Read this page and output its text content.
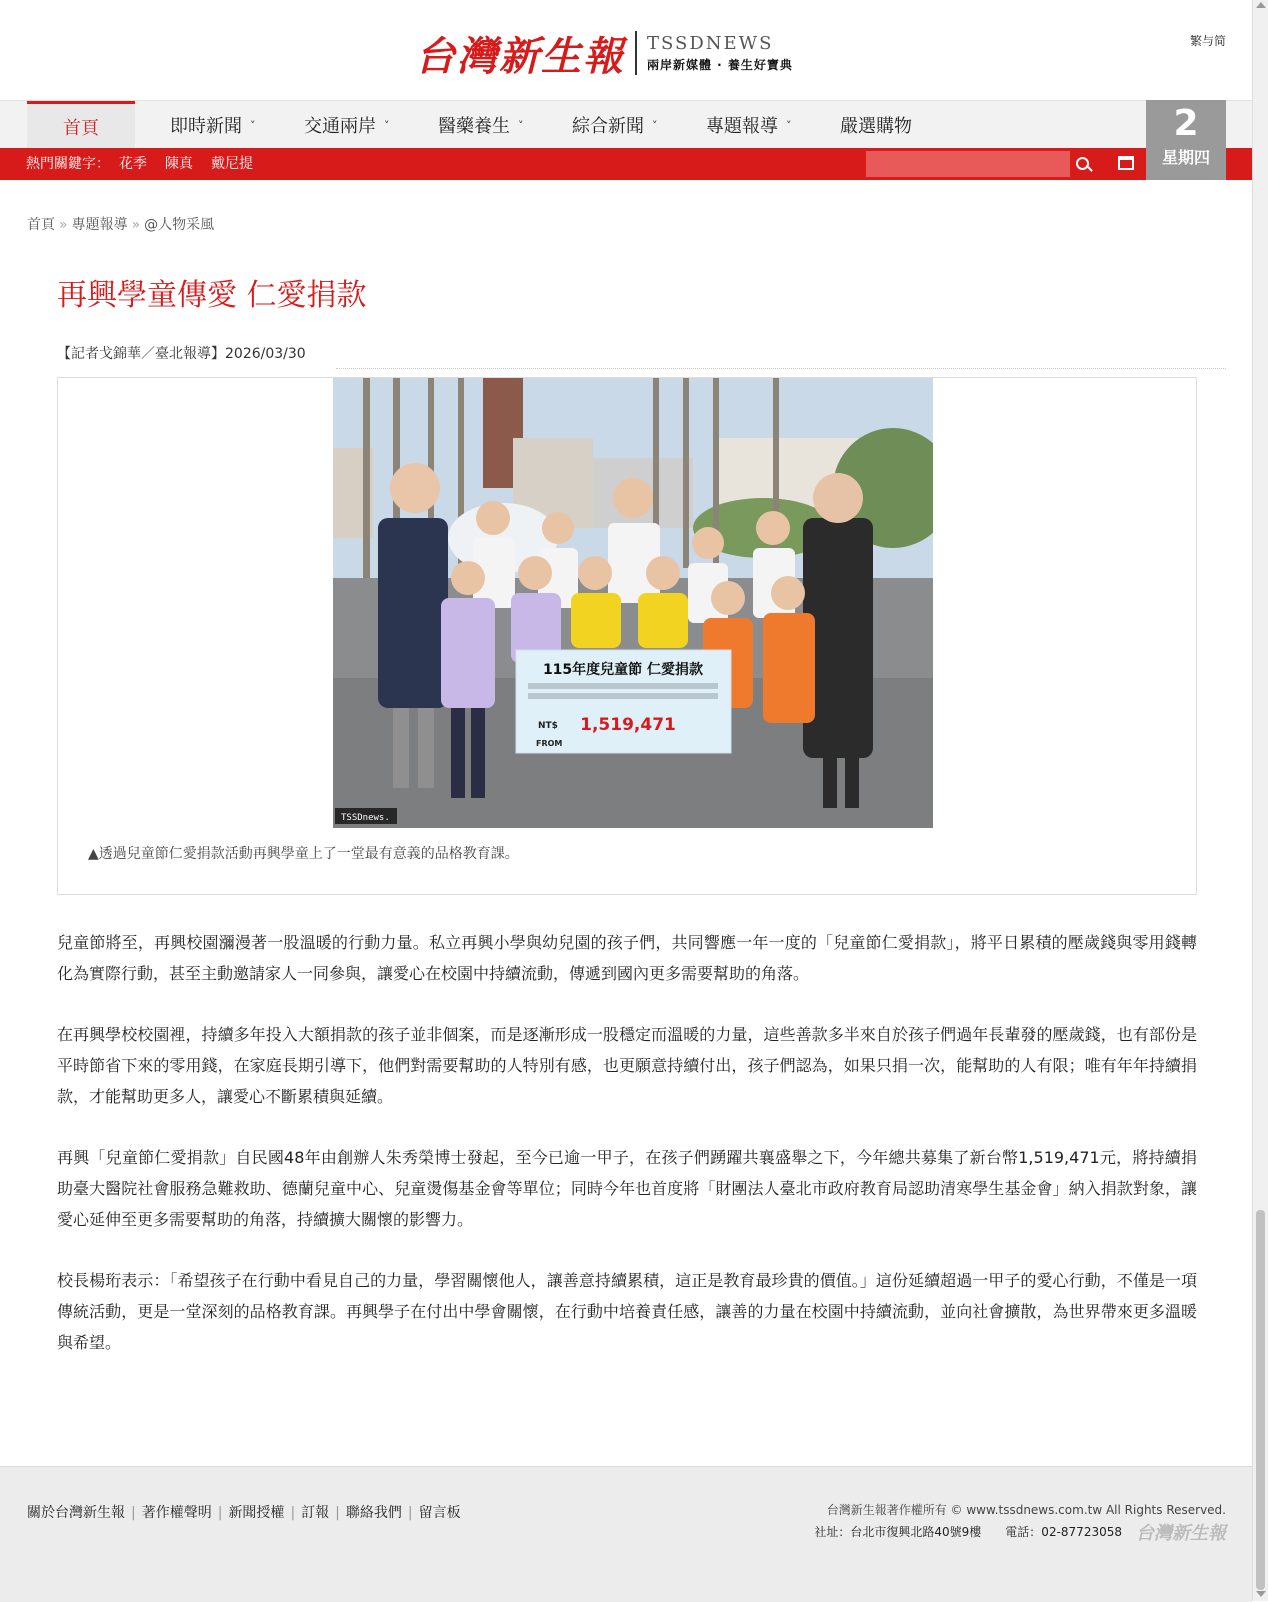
台灣新生報 TSSDNEWS
兩岸新媒體 · 養生好寶典
繁与简
首頁	即時新聞 ˅	交通兩岸 ˅	醫藥養生 ˅	綜合新聞 ˅	專題報導 ˅	嚴選購物	2
星期四
熱門關鍵字： 花季 陳真 戴尼提
首頁 » 專題報導 » @人物采風
再興學童傳愛 仁愛捐款
【記者戈錦華／臺北報導】2026/03/30
115年度兒童節 仁愛捐款
NT$ 1,519,471
FROM
TSSDnews.
▲透過兒童節仁愛捐款活動再興學童上了一堂最有意義的品格教育課。

兒童節將至，再興校園瀰漫著一股溫暖的行動力量。私立再興小學與幼兒園的孩子們，共同響應一年一度的「兒童節仁愛捐款」，將平日累積的壓歲錢與零用錢轉化為實際行動，甚至主動邀請家人一同參與，讓愛心在校園中持續流動，傳遞到國內更多需要幫助的角落。

在再興學校校園裡，持續多年投入大額捐款的孩子並非個案，而是逐漸形成一股穩定而溫暖的力量，這些善款多半來自於孩子們過年長輩發的壓歲錢，也有部份是平時節省下來的零用錢，在家庭長期引導下，他們對需要幫助的人特別有感，也更願意持續付出，孩子們認為，如果只捐一次，能幫助的人有限；唯有年年持續捐款，才能幫助更多人，讓愛心不斷累積與延續。

再興「兒童節仁愛捐款」自民國48年由創辦人朱秀榮博士發起，至今已逾一甲子，在孩子們踴躍共襄盛舉之下，今年總共募集了新台幣1,519,471元，將持續捐助臺大醫院社會服務急難救助、德蘭兒童中心、兒童燙傷基金會等單位；同時今年也首度將「財團法人臺北市政府教育局認助清寒學生基金會」納入捐款對象，讓愛心延伸至更多需要幫助的角落，持續擴大關懷的影響力。

校長楊珩表示：「希望孩子在行動中看見自己的力量，學習關懷他人，讓善意持續累積，這正是教育最珍貴的價值。」這份延續超過一甲子的愛心行動，不僅是一項傳統活動，更是一堂深刻的品格教育課。再興學子在付出中學會關懷，在行動中培養責任感，讓善的力量在校園中持續流動，並向社會擴散，為世界帶來更多溫暖與希望。

關於台灣新生報 | 著作權聲明 | 新聞授權 | 訂報 | 聯絡我們 | 留言板	台灣新生報著作權所有 © www.tssdnews.com.tw All Rights Reserved.
社址：台北市復興北路40號9樓　　電話：02-87723058 台灣新生報
